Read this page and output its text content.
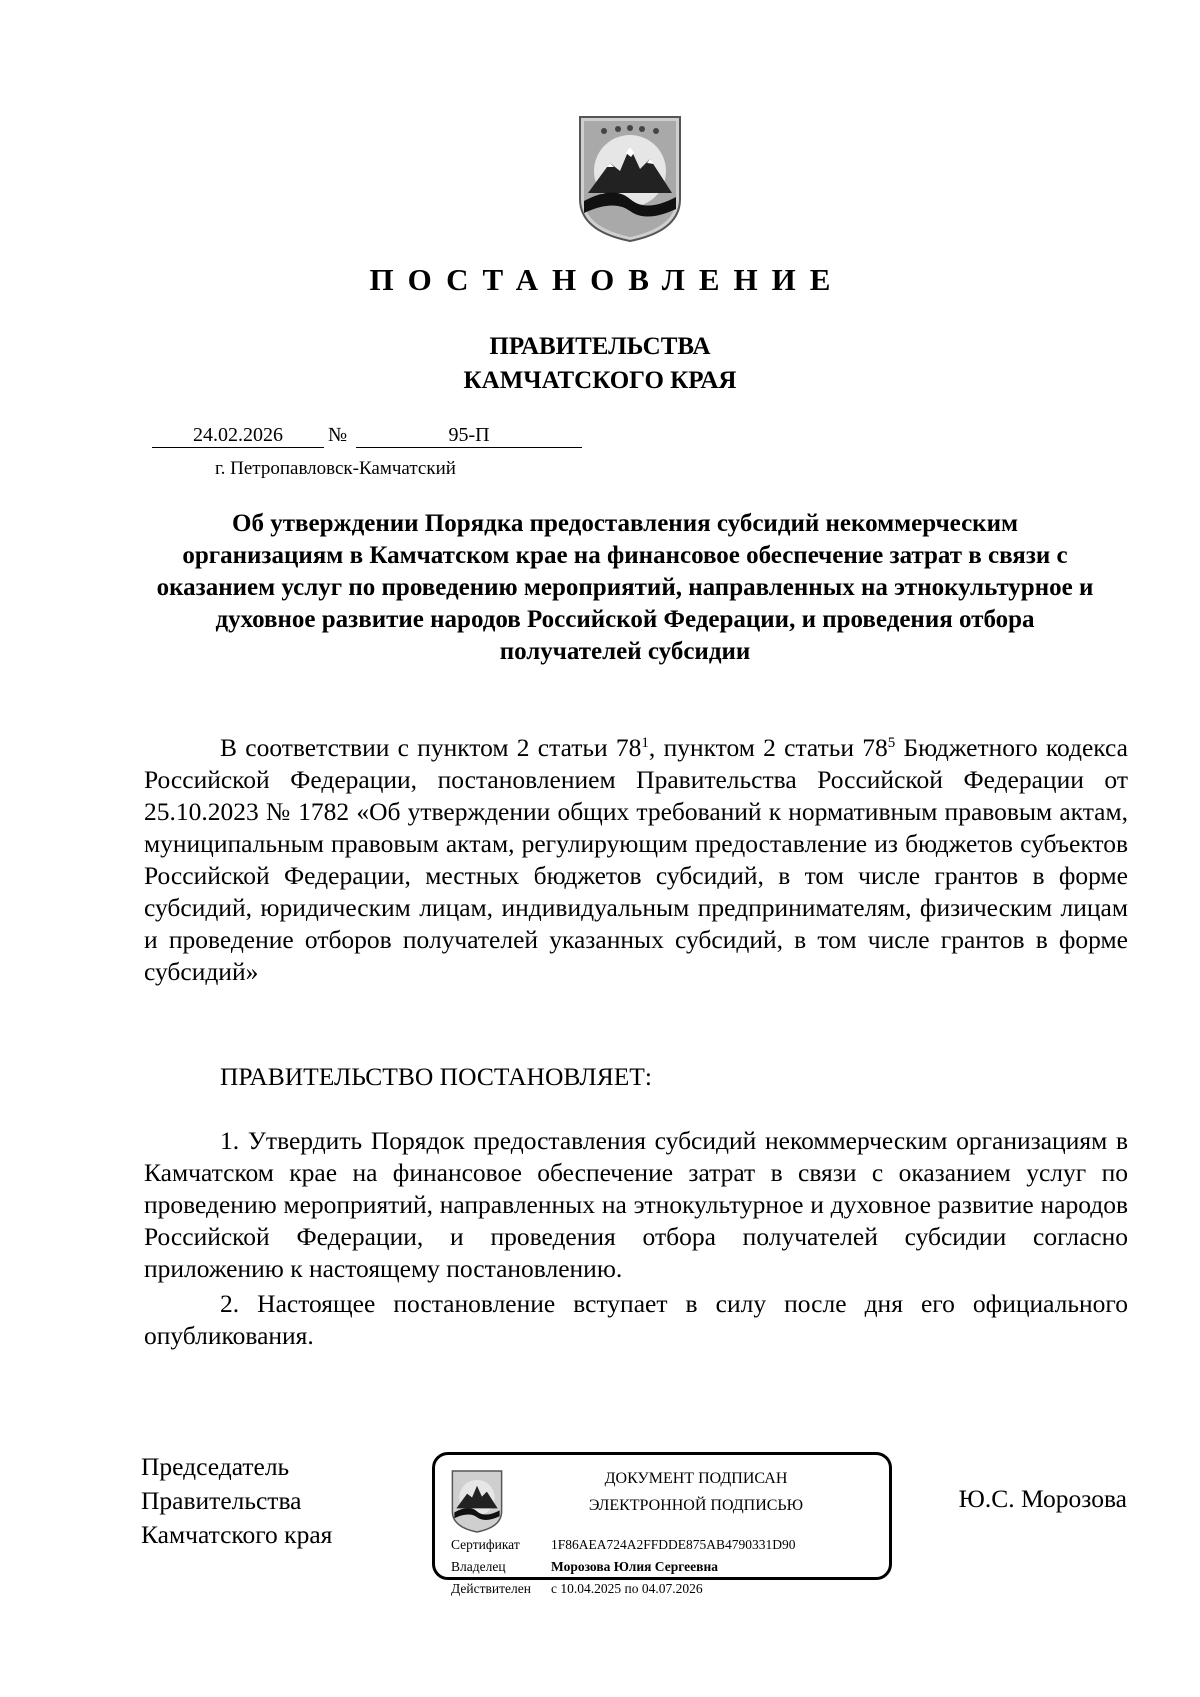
ПОСТАНОВЛЕНИЕ
ПРАВИТЕЛЬСТВА
КАМЧАТСКОГО КРАЯ
24.02.2026	№	95-П
г. Петропавловск-Камчатский
Об утверждении Порядка предоставления субсидий некоммерческим организациям в Камчатском крае на финансовое обеспечение затрат в связи с оказанием услуг по проведению мероприятий, направленных на этнокультурное и духовное развитие народов Российской Федерации, и проведения отбора получателей субсидии

В соответствии с пунктом 2 статьи $78^1$, пунктом 2 статьи $78^5$ Бюджетного кодекса Российской Федерации, постановлением Правительства Российской Федерации от 25.10.2023 № 1782 «Об утверждении общих требований к нормативным правовым актам, муниципальным правовым актам, регулирующим предоставление из бюджетов субъектов Российской Федерации, местных бюджетов субсидий, в том числе грантов в форме субсидий, юридическим лицам, индивидуальным предпринимателям, физическим лицам и проведение отборов получателей указанных субсидий, в том числе грантов в форме субсидий»

ПРАВИТЕЛЬСТВО ПОСТАНОВЛЯЕТ:

1. Утвердить Порядок предоставления субсидий некоммерческим организациям в Камчатском крае на финансовое обеспечение затрат в связи с оказанием услуг по проведению мероприятий, направленных на этнокультурное и духовное развитие народов Российской Федерации, и проведения отбора получателей субсидии согласно приложению к настоящему постановлению.

2. Настоящее постановление вступает в силу после дня его официального опубликования.

Председатель
Правительства
Камчатского края
ДОКУМЕНТ ПОДПИСАН
ЭЛЕКТРОННОЙ ПОДПИСЬЮ
Сертификат 1F86AEA724A2FFDDE875AB4790331D90
Владелец	Морозова Юлия Сергеевна
Действителен с 10.04.2025 по 04.07.2026
Ю.С. Морозова
